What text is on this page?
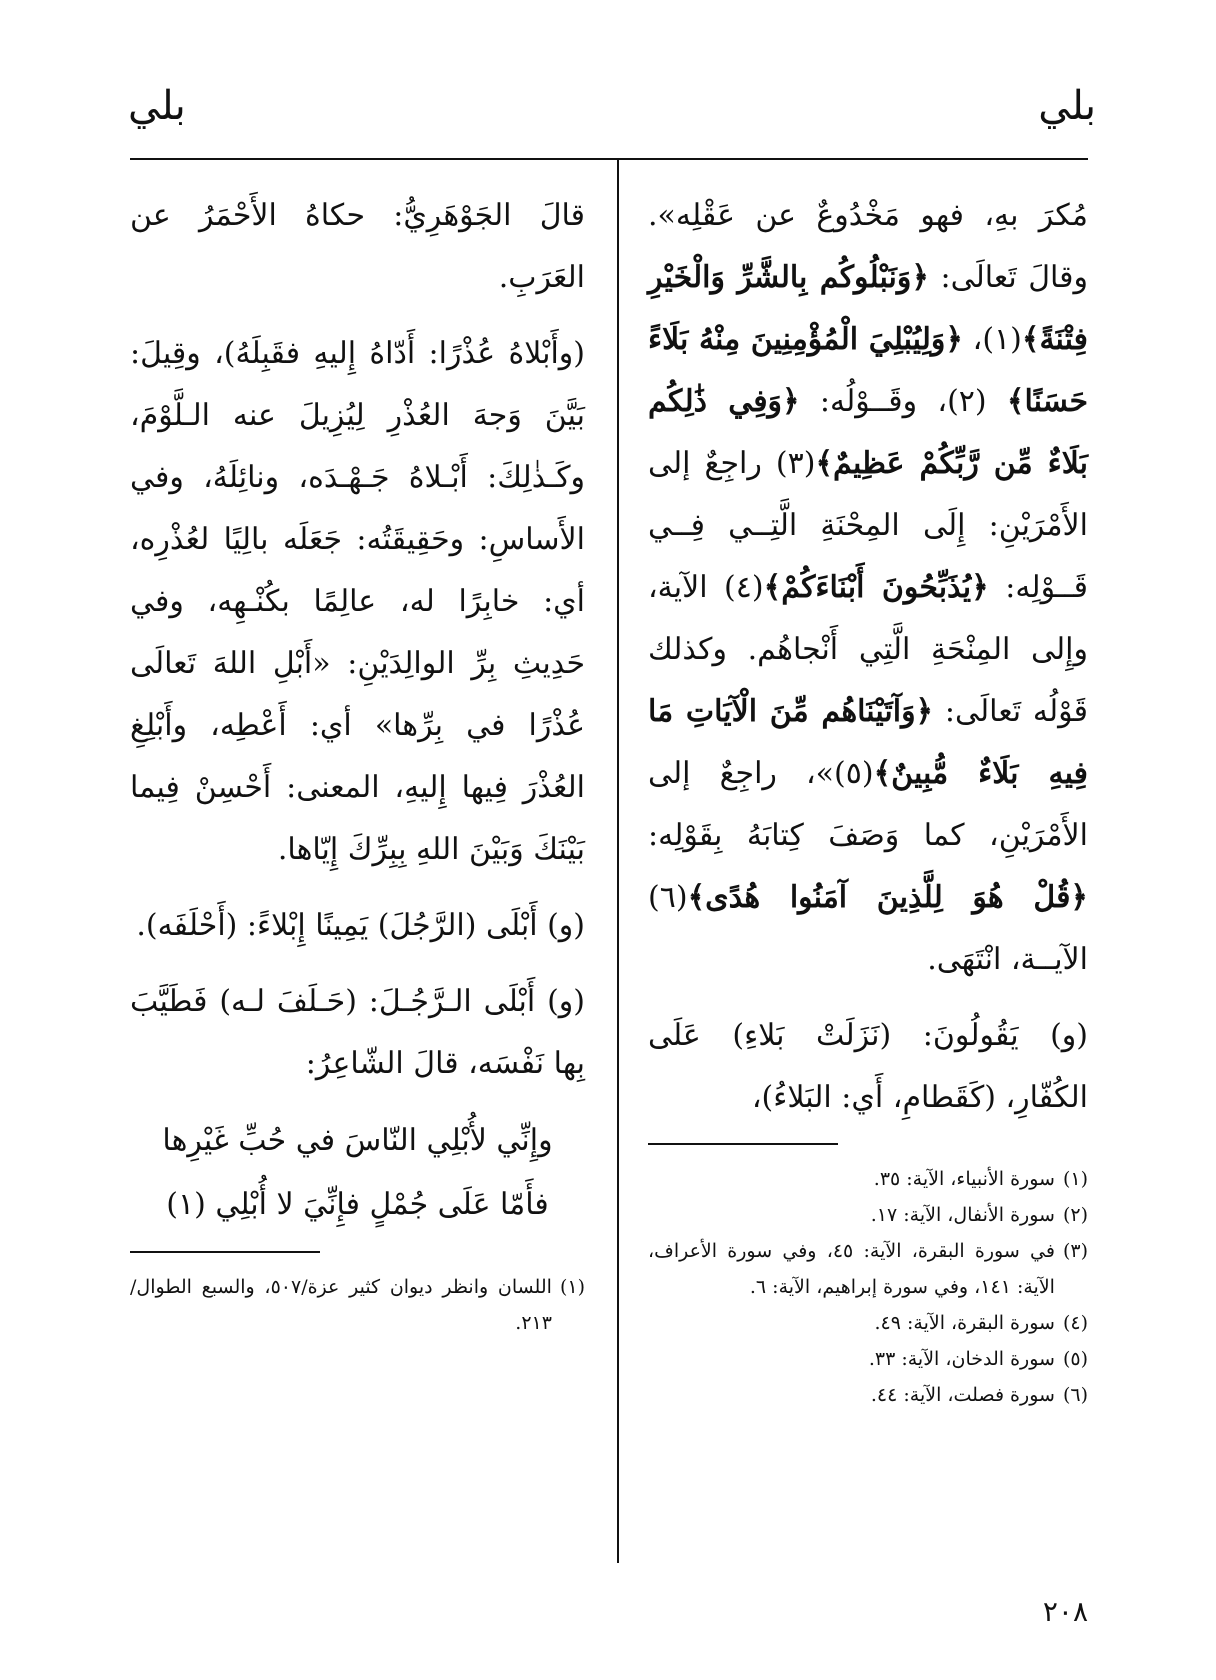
بلي
بلي

مُكرَ بهِ، فهو مَخْدُوعٌ عن عَقْلِه». وقالَ تَعالَى: ﴿وَنَبْلُوكُم بِالشَّرِّ وَالْخَيْرِ فِتْنَةً﴾(١)، ﴿وَلِيُبْلِيَ الْمُؤْمِنِينَ مِنْهُ بَلَاءً حَسَنًا﴾ (٢)، وقَــوْلُه: ﴿وَفِي ذَٰلِكُم بَلَاءٌ مِّن رَّبِّكُمْ عَظِيمٌ﴾(٣) راجِعٌ إلى الأَمْرَيْنِ: إِلَى المِحْنَةِ الَّتِــي فِــي قَــوْلِه: ﴿يُذَبِّحُونَ أَبْنَاءَكُمْ﴾(٤) الآية، وإِلى المِنْحَةِ الَّتِي أَنْجاهُم. وكذلك قَوْلُه تَعالَى: ﴿وَآتَيْنَاهُم مِّنَ الْآيَاتِ مَا فِيهِ بَلَاءٌ مُّبِينٌ﴾(٥)»، راجِعٌ إلى الأَمْرَيْنِ، كما وَصَفَ كِتابَهُ بِقَوْلِه: ﴿قُلْ هُوَ لِلَّذِينَ آمَنُوا هُدًى﴾(٦) الآيــة، انْتَهَى.

(و) يَقُولُونَ: (نَزَلَتْ بَلاءِ) عَلَى الكُفّارِ، (كَقَطامِ، أَي: البَلاءُ)،

(١)
سورة الأنبياء، الآية: ٣٥.
(٢)
سورة الأنفال، الآية: ١٧.
(٣)
في سورة البقرة، الآية: ٤٥، وفي سورة الأعراف، الآية: ١٤١، وفي سورة إبراهيم، الآية: ٦.
(٤)
سورة البقرة، الآية: ٤٩.
(٥)
سورة الدخان، الآية: ٣٣.
(٦)
سورة فصلت، الآية: ٤٤.

قالَ الجَوْهَرِيُّ: حكاهُ الأَحْمَرُ عن العَرَبِ.

(وأَبْلاهُ عُذْرًا: أَدّاهُ إِليهِ فقَبِلَهُ)، وقِيلَ: بَيَّنَ وَجهَ العُذْرِ لِيُزِيلَ عنه الـلَّوْمَ، وكَـذٰلِكَ: أَبْـلاهُ جَـهْـدَه، ونائِلَهُ، وفي الأَساسِ: وحَقِيقَتُه: جَعَلَه بالِيًا لعُذْرِه، أي: خابِرًا له، عالِمًا بكُنْـهِه، وفي حَدِيثِ بِرِّ الوالِدَيْنِ: «أَبْلِ اللهَ تَعالَى عُذْرًا في بِرِّها» أي: أَعْطِه، وأَبْلِغِ العُذْرَ فِيها إِليهِ، المعنى: أَحْسِنْ فِيما بَيْنَكَ وَبَيْنَ اللهِ بِبِرِّكَ إِيّاها.

(و) أَبْلَى (الرَّجُلَ) يَمِينًا إِبْلاءً: (أَحْلَفَه).

(و) أَبْلَى الـرَّجُـلَ: (حَـلَفَ لـه) فَطَيَّبَ بِها نَفْسَه، قالَ الشّاعِرُ:

وإِنِّي لأُبْلِي النّاسَ في حُبِّ غَيْرِها
فأَمّا عَلَى جُمْلٍ فإِنِّيَ لا أُبْلِي (١)
(١)
اللسان وانظر ديوان كثير عزة/٥٠٧، والسبع الطوال/٢١٣.
٢٠٨
